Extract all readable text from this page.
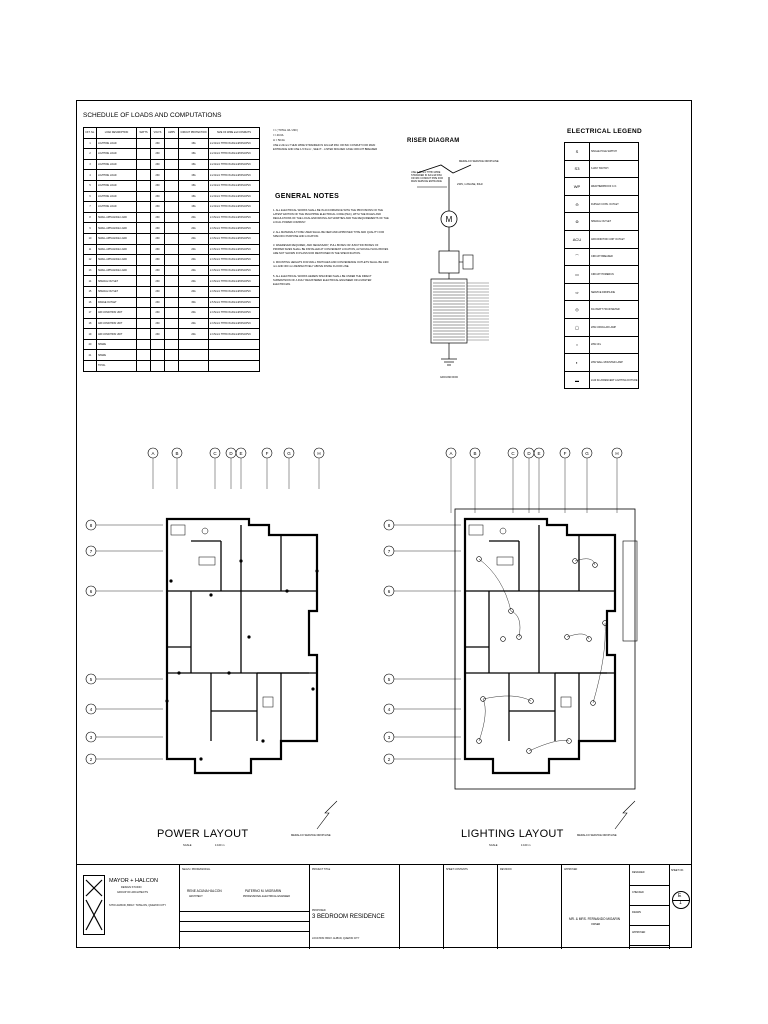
SCHEDULE OF LOADS AND COMPUTATIONS
CKT. No.	LOAD DESCRIPTION	WATTS	VOLTS	AMPS	CIRCUIT PROTECTION	SIZE OF WIRE and CONDUITS
1	LIGHTING LOAD		230		15A	2-2.0mm² THHN IN 20mmØ RSC/PVC
2	LIGHTING LOAD		230		15A	2-2.0mm² THHN IN 20mmØ RSC/PVC
3	LIGHTING LOAD		230		15A	2-2.0mm² THHN IN 20mmØ RSC/PVC
4	LIGHTING LOAD		230		15A	2-2.0mm² THHN IN 20mmØ RSC/PVC
5	LIGHTING LOAD		230		15A	2-2.0mm² THHN IN 20mmØ RSC/PVC
6	LIGHTING LOAD		230		15A	2-2.0mm² THHN IN 20mmØ RSC/PVC
7	LIGHTING LOAD		230		15A	2-2.0mm² THHN IN 20mmØ RSC/PVC
8	SMALL APPLIANCE LOAD		230		20A	2-3.5mm² THHN IN 20mmØ RSC/PVC
9	SMALL APPLIANCE LOAD		230		20A	2-3.5mm² THHN IN 20mmØ RSC/PVC
10	SMALL APPLIANCE LOAD		230		20A	2-3.5mm² THHN IN 20mmØ RSC/PVC
11	SMALL APPLIANCE LOAD		230		20A	2-3.5mm² THHN IN 20mmØ RSC/PVC
12	SMALL APPLIANCE LOAD		230		20A	2-3.5mm² THHN IN 20mmØ RSC/PVC
13	SMALL APPLIANCE LOAD		230		20A	2-3.5mm² THHN IN 20mmØ RSC/PVC
14	SPECIAL OUTLET		230		20A	2-3.5mm² THHN IN 20mmØ RSC/PVC
15	SPECIAL OUTLET		230		20A	2-3.5mm² THHN IN 20mmØ RSC/PVC
16	RANGE OUTLET		230		30A	2-5.5mm² THHN IN 20mmØ RSC/PVC
17	AIR CONDITION UNIT		230		20A	2-3.5mm² THHN IN 20mmØ RSC/PVC
18	AIR CONDITION UNIT		230		20A	2-3.5mm² THHN IN 20mmØ RSC/PVC
19	AIR CONDITION UNIT		230		20A	2-3.5mm² THHN IN 20mmØ RSC/PVC
20	SPARE					
21	SPARE					
	TOTAL					
I = ( TOTAL VA / 230 )
I = 40.0A
Ic = 50.0A
USE 2-22mm² THHN WIRE STRANDED IN 32mmØ RSC OR IMC CONDUIT FOR MAIN ENTRANCE AND USE 1-5.5mm² , SEE IT... LISTED MOLDED CASE CIRCUIT BREAKER
GENERAL NOTES
1. ALL ELECTRICAL WORKS SHALL BE IN ACCORDANCE WITH THE PROVISIONS OF THE LATEST EDITION OF THE PHILIPPINE ELECTRICAL CODE (PEC), WITH THE RULES AND REGULATIONS OF THE LOCAL ENFORCING AUTHORITIES AND THE REQUIREMENTS OF THE LOCAL POWER COMPANY.
2. ALL MATERIALS TO BE USED SHALL BE NEW AND APPROVED TYPE AND QUALITY FOR SPECIFIC PURPOSE AND LOCATION.
3. WHEREVER REQUIRED, AND NECESSARY, PULL BOXES OR JUNCTION BOXES OF PROPER SIZES SHALL BE INSTALLED AT CONVENIENT LOCATION, ALTHOUGH SUCH BOXES ARE NOT SHOWN IN PLANS NOR MENTIONED IN THE SPECIFICATION.
4. MOUNTING HEIGHTS FOR WALL SWITCHES AND CONVENIENCE OUTLETS SHALL BE 1400 mm AND 300 mm RESPECTIVELY ABOVE FINISH FLOOR LINE.
5. ALL ELECTRICAL WORKS HEREIN SPECIFIED SHALL BE UNDER THE DIRECT SUPERVISION OF A DULY REGISTERED ELECTRICAL ENGINEER OR A MASTER ELECTRICIAN.
RISER DIAGRAM
M
MERALCO SERVICE DROP/LINE
USE 2-22mm² THHN WIRE STRANDED IN 32mmØ RSC OR IMC CONDUIT PIPE FOR MAIN SERVICE ENTRANCE
230V, 1-PHASE, 60Hz
GROUND ROD
ELECTRICAL LEGEND
S	SINGLE POLE SWITCH
S3	3-WAY SWITCH
WP	WEATHERPROOF C.O.
⊖	DUPLEX CONV. OUTLET
⊜	SPECIAL OUTLET
ACU	AIRCONDITION UNIT OUTLET
⌒	CIRCUIT BREAKER
▭	CIRCUIT HOMERUN
⇨	SERVICE DROP/LINE
◎	KILOWATT HOUR METER
◯	20W CIRCULAR LAMP
○	20W CFL
◐	20W WALL MOUNTED LAMP
▬	2x40 FLUORESCENT LIGHTING FIXTURE
A	B	C	D E	F	G	H
8
7
6
5
4
3
2
POWER LAYOUT
SCALE	1:100 m
MERALCO SERVICE DROP/LINE
A	B	C	D E	F	G	H
8
7
6
5
4
3
2
LIGHTING LAYOUT
SCALE	1:100 m
MERALCO SERVICE DROP/LINE
MAYOR + HALCON
DESIGN STUDIO
GROUP OF ARCHITECTS
SITIO ALIBUD, BRGY. TATALON, QUEZON CITY
SEALS / PROFESSIONAL
RENE ACUNA HALCON
ARCHITECT
PATERNO M. MIGRARIN
PROFESSIONAL ELECTRICAL ENGINEER
PROJECT TITLE
PROPOSED
3 BEDROOM RESIDENCE
LOCATION: BRGY. ALIBUD, QUEZON CITY
SHEET CONTENTS	REVISION	APPROVED
MR. & MRS. FERNANDO MIGARIN
OWNER
DESIGNED
CHECKED
DRAWN
APPROVED
SHEET NO.
E
1
